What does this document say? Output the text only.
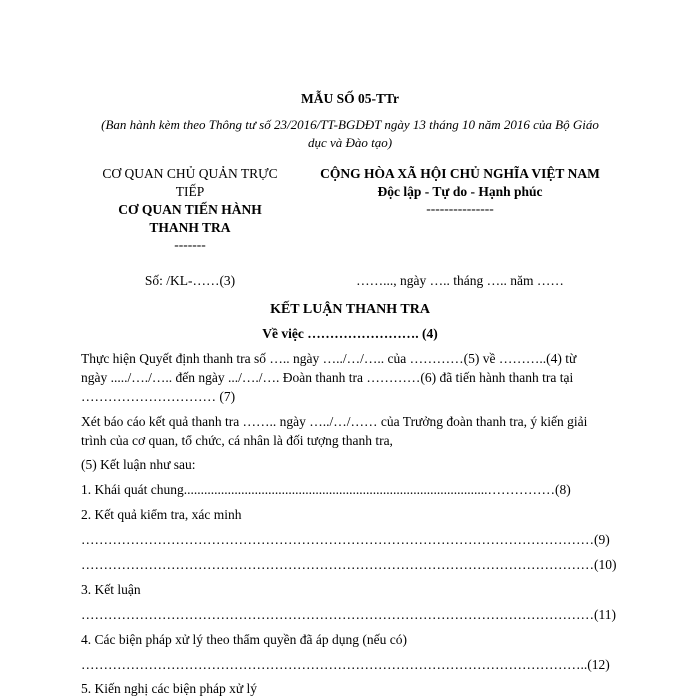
MẪU SỐ 05-TTr
(Ban hành kèm theo Thông tư số 23/2016/TT-BGDĐT ngày 13 tháng 10 năm 2016 của Bộ Giáo
dục và Đào tạo)
CƠ QUAN CHỦ QUẢN TRỰC
TIẾP
CƠ QUAN TIẾN HÀNH
THANH TRA
-------
Số: /KL-……(3)
CỘNG HÒA XÃ HỘI CHỦ NGHĨA VIỆT NAM
Độc lập - Tự do - Hạnh phúc
---------------
……..., ngày ….. tháng ….. năm ……
KẾT LUẬN THANH TRA
Về việc ……………………. (4)
Thực hiện Quyết định thanh tra số ….. ngày …../…/….. của …………(5) về ………..(4) từ
ngày ...../…./….. đến ngày .../…./…. Đoàn thanh tra …………(6) đã tiến hành thanh tra tại
………………………… (7)
Xét báo cáo kết quả thanh tra …….. ngày …../…/…… của Trưởng đoàn thanh tra, ý kiến giải
trình của cơ quan, tổ chức, cá nhân là đối tượng thanh tra,
(5) Kết luận như sau:
1. Khái quát chung..........................................................................................……………(8)
2. Kết quả kiểm tra, xác minh
……………………………………………………………………………………………………(9)
……………………………………………………………………………………………………(10)
3. Kết luận
……………………………………………………………………………………………………(11)
4. Các biện pháp xử lý theo thẩm quyền đã áp dụng (nếu có)
…………………………………………………………………………………………………..(12)
5. Kiến nghị các biện pháp xử lý
